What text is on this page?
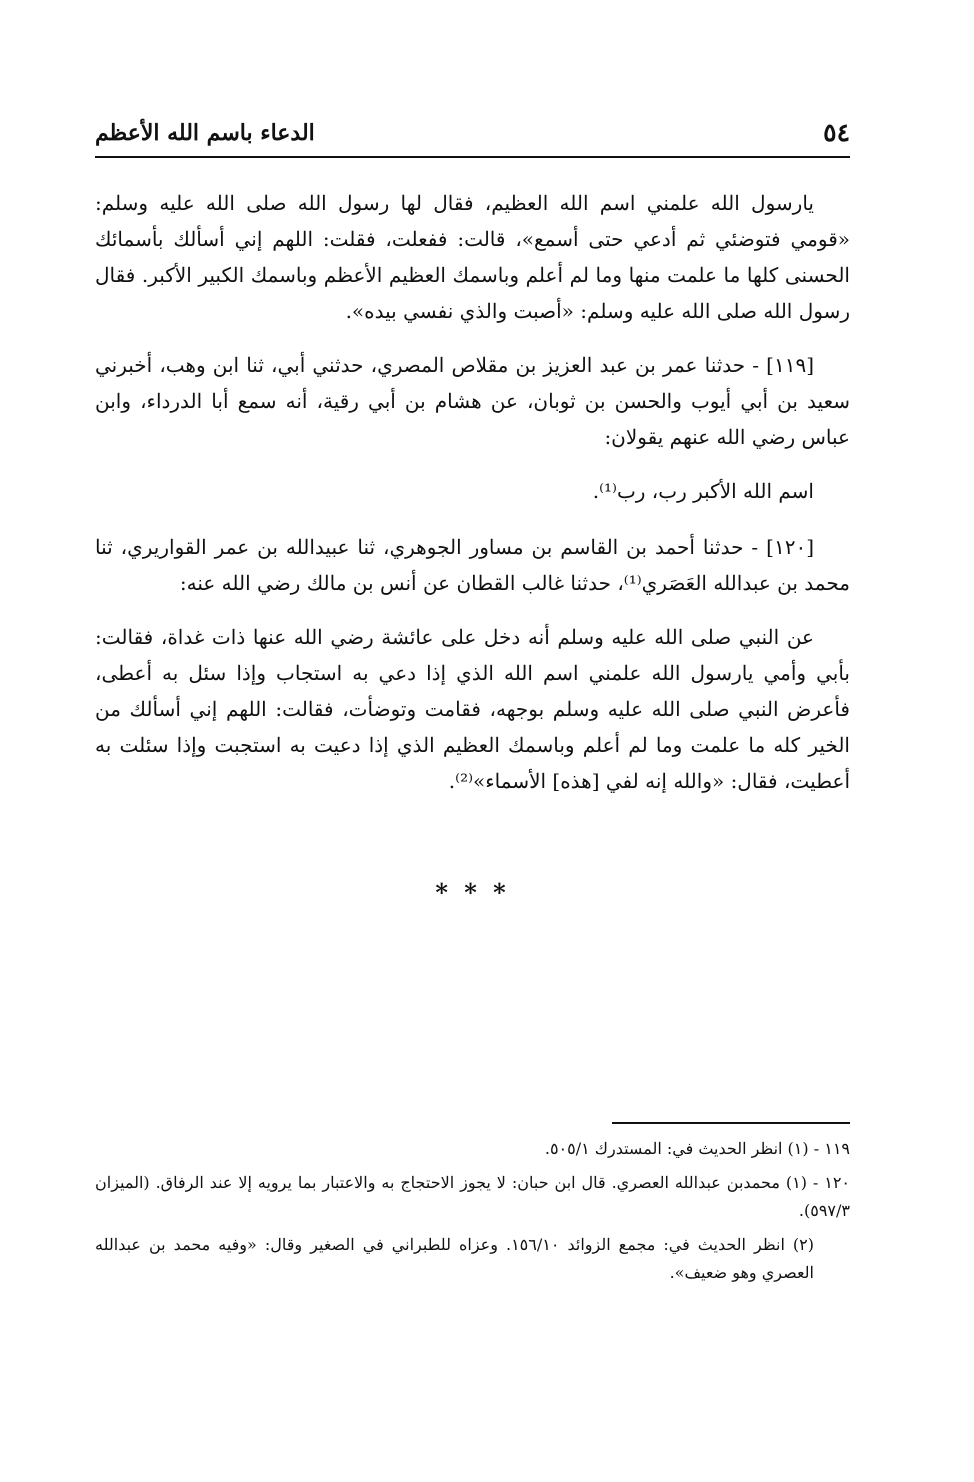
٥٤
الدعاء باسم الله الأعظم

يارسول الله علمني اسم الله العظيم، فقال لها رسول الله صلى الله عليه وسلم: «قومي فتوضئي ثم أدعي حتى أسمع»، قالت: ففعلت، فقلت: اللهم إني أسألك بأسمائك الحسنى كلها ما علمت منها وما لم أعلم وباسمك العظيم الأعظم وباسمك الكبير الأكبر. فقال رسول الله صلى الله عليه وسلم: «أصبت والذي نفسي بيده».

[١١٩] - حدثنا عمر بن عبد العزيز بن مقلاص المصري، حدثني أبي، ثنا ابن وهب، أخبرني سعيد بن أبي أيوب والحسن بن ثوبان، عن هشام بن أبي رقية، أنه سمع أبا الدرداء، وابن عباس رضي الله عنهم يقولان:

اسم الله الأكبر رب، رب⁽¹⁾.

[١٢٠] - حدثنا أحمد بن القاسم بن مساور الجوهري، ثنا عبيدالله بن عمر القواريري، ثنا محمد بن عبدالله العَصَري⁽¹⁾، حدثنا غالب القطان عن أنس بن مالك رضي الله عنه:

عن النبي صلى الله عليه وسلم أنه دخل على عائشة رضي الله عنها ذات غداة، فقالت: بأبي وأمي يارسول الله علمني اسم الله الذي إذا دعي به استجاب وإذا سئل به أعطى، فأعرض النبي صلى الله عليه وسلم بوجهه، فقامت وتوضأت، فقالت: اللهم إني أسألك من الخير كله ما علمت وما لم أعلم وباسمك العظيم الذي إذا دعيت به استجبت وإذا سئلت به أعطيت، فقال: «والله إنه لفي [هذه] الأسماء»⁽²⁾.

* * *

١١٩ - (١) انظر الحديث في: المستدرك ٥٠٥/١.

١٢٠ - (١) محمدبن عبدالله العصري. قال ابن حبان: لا يجوز الاحتجاج به والاعتبار بما يرويه إلا عند الرفاق. (الميزان ٥٩٧/٣).

(٢) انظر الحديث في: مجمع الزوائد ١٥٦/١٠. وعزاه للطبراني في الصغير وقال: «وفيه محمد بن عبدالله العصري وهو ضعيف».
